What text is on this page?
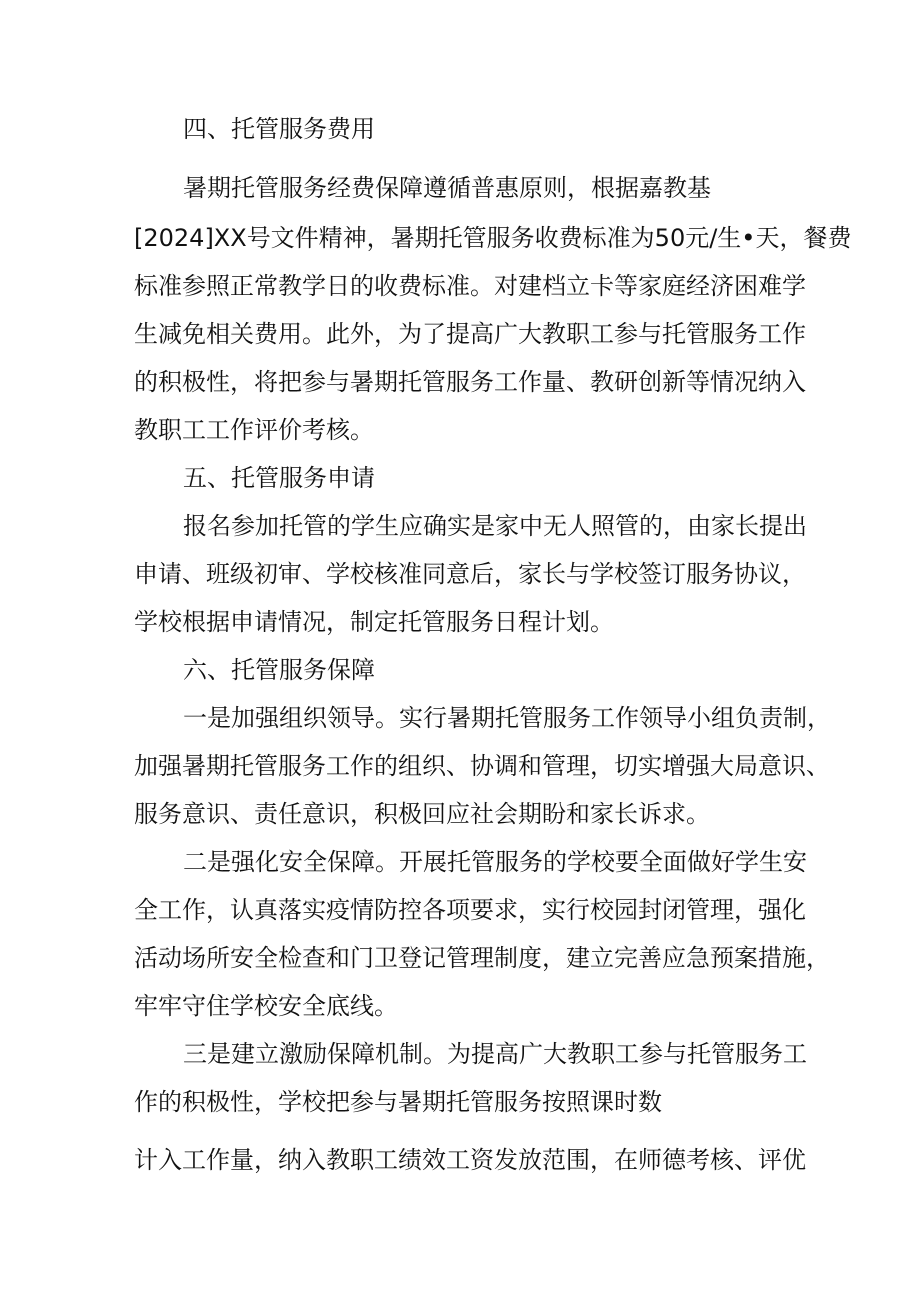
四、托管服务费用
暑期托管服务经费保障遵循普惠原则，根据嘉教基
[2024]XX号文件精神，暑期托管服务收费标准为50元/生•天，餐费
标准参照正常教学日的收费标准。对建档立卡等家庭经济困难学
生减免相关费用。此外，为了提高广大教职工参与托管服务工作
的积极性，将把参与暑期托管服务工作量、教研创新等情况纳入
教职工工作评价考核。
五、托管服务申请
报名参加托管的学生应确实是家中无人照管的，由家长提出
申请、班级初审、学校核准同意后，家长与学校签订服务协议，
学校根据申请情况，制定托管服务日程计划。
六、托管服务保障
一是加强组织领导。实行暑期托管服务工作领导小组负责制，
加强暑期托管服务工作的组织、协调和管理，切实增强大局意识、
服务意识、责任意识，积极回应社会期盼和家长诉求。
二是强化安全保障。开展托管服务的学校要全面做好学生安
全工作，认真落实疫情防控各项要求，实行校园封闭管理，强化
活动场所安全检查和门卫登记管理制度，建立完善应急预案措施，
牢牢守住学校安全底线。
三是建立激励保障机制。为提高广大教职工参与托管服务工
作的积极性，学校把参与暑期托管服务按照课时数
计入工作量，纳入教职工绩效工资发放范围，在师德考核、评优
